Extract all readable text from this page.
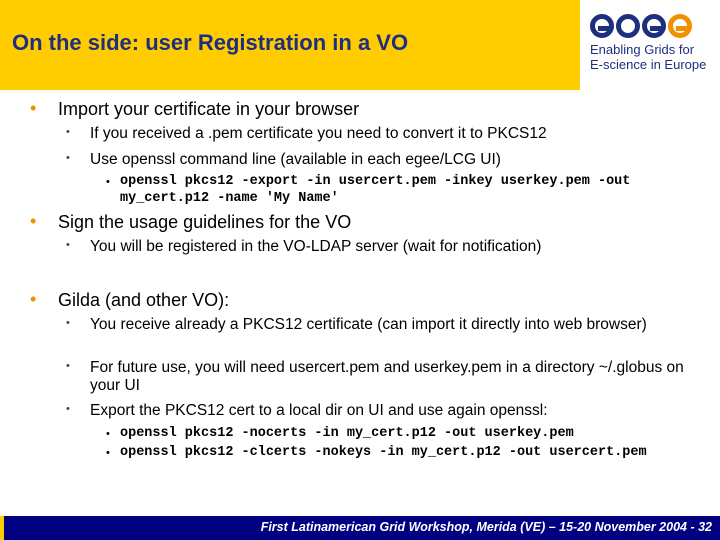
On the side: user Registration in a VO	Enabling Grids for
E-science in Europe
• Import your certificate in your browser
• If you received a .pem certificate you need to convert it to PKCS12
• Use openssl command line (available in each egee/LCG UI)
• openssl pkcs12 -export -in usercert.pem -inkey userkey.pem -out my_cert.p12 -name 'My Name'
• Sign the usage guidelines for the VO
• You will be registered in the VO-LDAP server (wait for notification)
• Gilda (and other VO):
• You receive already a PKCS12 certificate (can import it directly into web browser)
• For future use, you will need usercert.pem and userkey.pem in a directory ~/.globus on your UI
• Export the PKCS12 cert to a local dir on UI and use again openssl:
• openssl pkcs12 -nocerts -in my_cert.p12 -out userkey.pem
• openssl pkcs12 -clcerts -nokeys -in my_cert.p12 -out usercert.pem
First Latinamerican Grid Workshop, Merida (VE) – 15-20 November 2004 - 32
